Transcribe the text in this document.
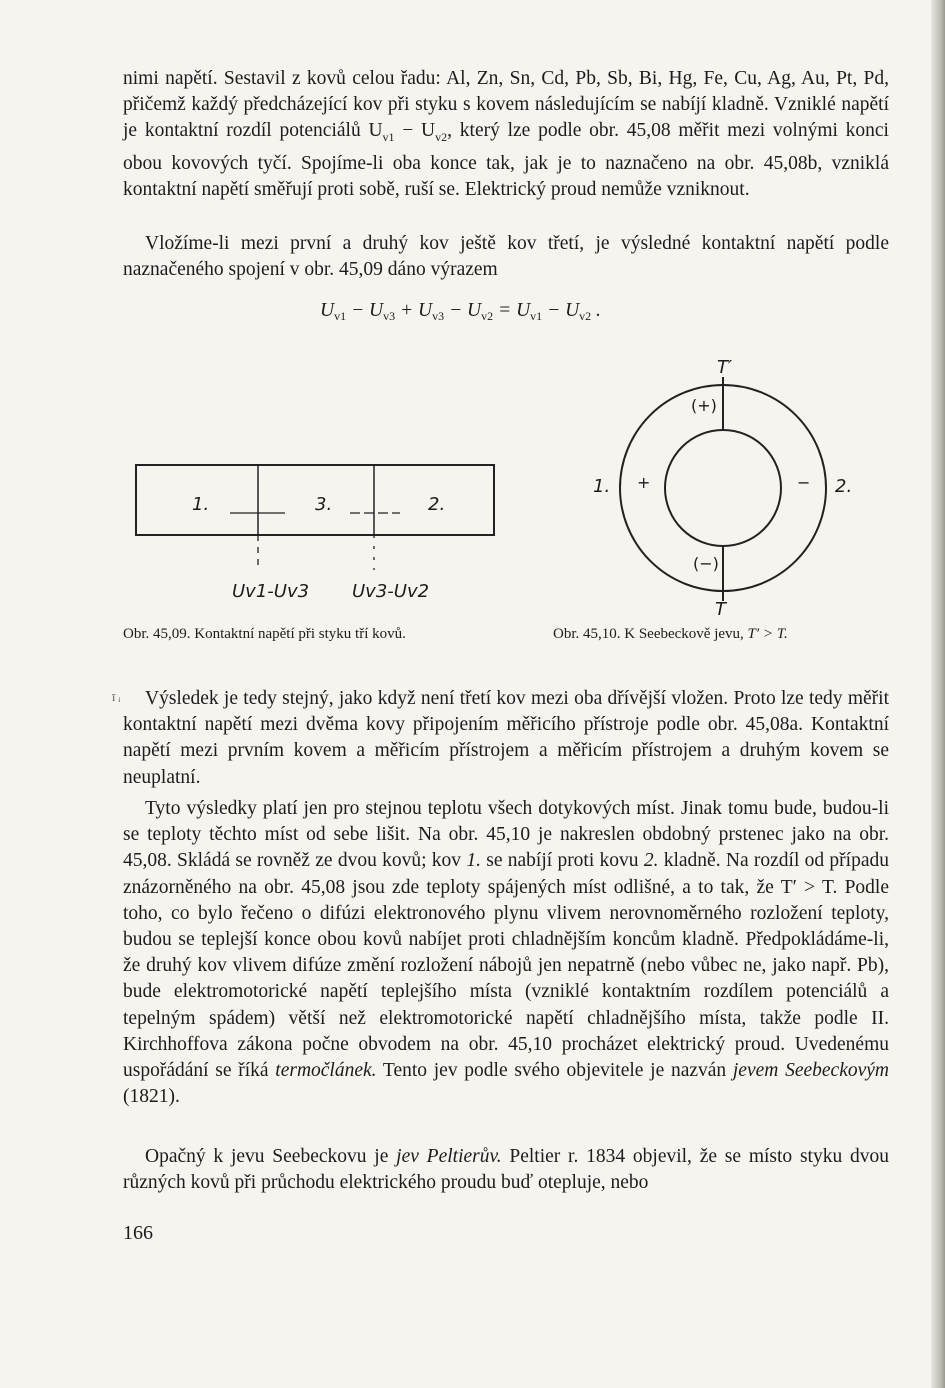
nimi napětí. Sestavil z kovů celou řadu: Al, Zn, Sn, Cd, Pb, Sb, Bi, Hg, Fe, Cu, Ag, Au, Pt, Pd, přičemž každý předcházející kov při styku s kovem následujícím se nabíjí kladně. Vzniklé napětí je kontaktní rozdíl potenciálů $U_{v1} - U_{v2}$, který lze podle obr. 45,08 měřit mezi volnými konci obou kovových tyčí. Spojíme-li oba konce tak, jak je to naznačeno na obr. 45,08b, vzniklá kontaktní napětí směřují proti sobě, ruší se. Elektrický proud nemůže vzniknout.

Vložíme-li mezi první a druhý kov ještě kov třetí, je výsledné kontaktní napětí podle naznačeného spojení v obr. 45,09 dáno výrazem

$U_{v1} - U_{v3} + U_{v3} - U_{v2} = U_{v1} - U_{v2}$ .
1.	3.	2.
Uv1-Uv3 Uv3-Uv2
T′
T
(+)
(−)
+	−
1.	2.
Obr. 45,09. Kontaktní napětí při styku tří kovů.	Obr. 45,10. K Seebeckově jevu, T′ > T.
ī ᵢ	Výsledek je tedy stejný, jako když není třetí kov mezi oba dřívější vložen. Proto lze tedy měřit kontaktní napětí mezi dvěma kovy připojením měřicího přístroje podle obr. 45,08a. Kontaktní napětí mezi prvním kovem a měřicím přístrojem a měřicím přístrojem a druhým kovem se neuplatní.

Tyto výsledky platí jen pro stejnou teplotu všech dotykových míst. Jinak tomu bude, budou-li se teploty těchto míst od sebe lišit. Na obr. 45,10 je nakreslen obdobný prstenec jako na obr. 45,08. Skládá se rovněž ze dvou kovů; kov 1. se nabíjí proti kovu 2. kladně. Na rozdíl od případu znázorněného na obr. 45,08 jsou zde teploty spájených míst odlišné, a to tak, že T′ > T. Podle toho, co bylo řečeno o difúzi elektronového plynu vlivem nerovnoměrného rozložení teploty, budou se teplejší konce obou kovů nabíjet proti chladnějším koncům kladně. Předpokládáme-li, že druhý kov vlivem difúze změní rozložení nábojů jen nepatrně (nebo vůbec ne, jako např. Pb), bude elektromotorické napětí teplejšího místa (vzniklé kontaktním rozdílem potenciálů a tepelným spádem) větší než elektromotorické napětí chladnějšího místa, takže podle II. Kirchhoffova zákona počne obvodem na obr. 45,10 procházet elektrický proud. Uvedenému uspořádání se říká termočlánek. Tento jev podle svého objevitele je nazván jevem Seebeckovým (1821).

Opačný k jevu Seebeckovu je jev Peltierův. Peltier r. 1834 objevil, že se místo styku dvou různých kovů při průchodu elektrického proudu buď otepluje, nebo

166
